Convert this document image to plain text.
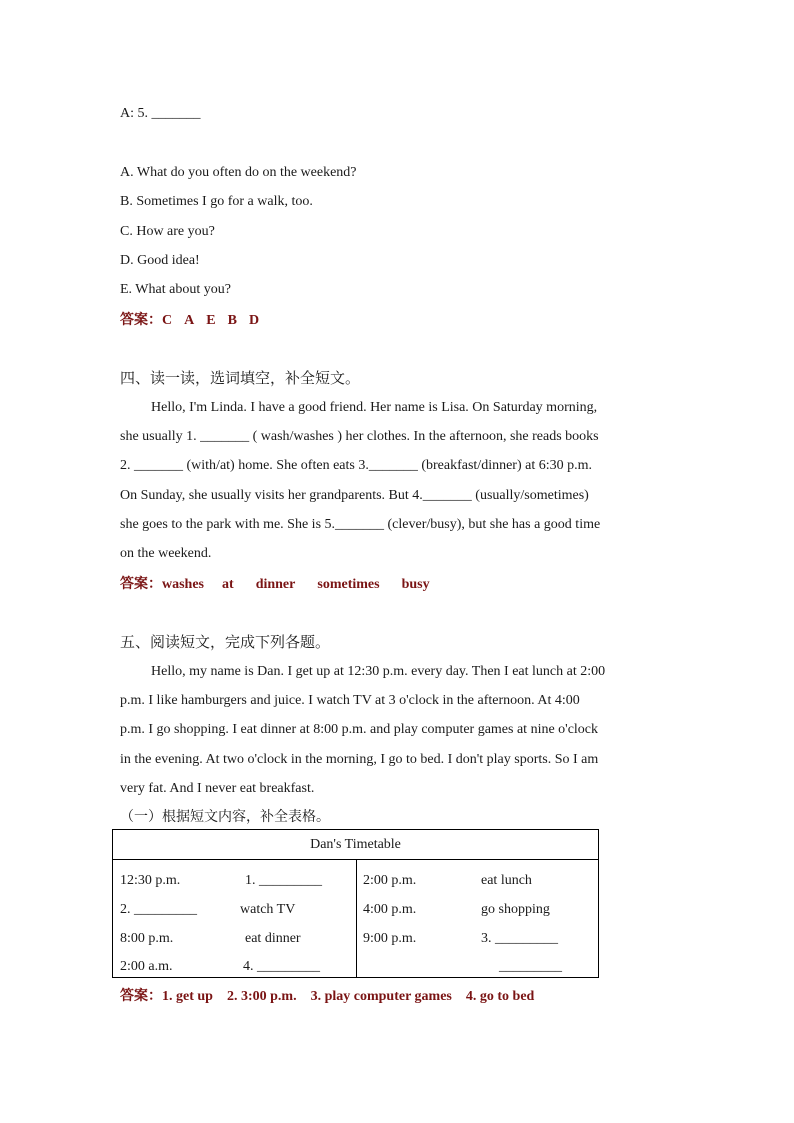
A: 5. _______
A. What do you often do on the weekend?
B. Sometimes I go for a walk, too.
C. How are you?
D. Good idea!
E. What about you?
答案：C A E B D
四、读一读，选词填空，补全短文。
Hello, I'm Linda. I have a good friend. Her name is Lisa. On Saturday morning,
she usually 1. _______ ( wash/washes ) her clothes. In the afternoon, she reads books
2. _______ (with/at) home. She often eats 3._______ (breakfast/dinner) at 6:30 p.m.
On Sunday, she usually visits her grandparents. But 4._______ (usually/sometimes)
she goes to the park with me. She is 5._______ (clever/busy), but she has a good time
on the weekend.
答案：washes at dinner sometimes busy
五、阅读短文，完成下列各题。
Hello, my name is Dan. I get up at 12:30 p.m. every day. Then I eat lunch at 2:00
p.m. I like hamburgers and juice. I watch TV at 3 o'clock in the afternoon. At 4:00
p.m. I go shopping. I eat dinner at 8:00 p.m. and play computer games at nine o'clock
in the evening. At two o'clock in the morning, I go to bed. I don't play sports. So I am
very fat. And I never eat breakfast.
（一）根据短文内容，补全表格。
Dan's Timetable

12:30 p.m.	1. _________
2. _________	watch TV
8:00 p.m.	eat dinner
2:00 a.m.	4. _________

2:00 p.m.	eat lunch
4:00 p.m.	go shopping
9:00 p.m.	3. _________
_________
答案：1. get up 2. 3:00 p.m. 3. play computer games 4. go to bed
